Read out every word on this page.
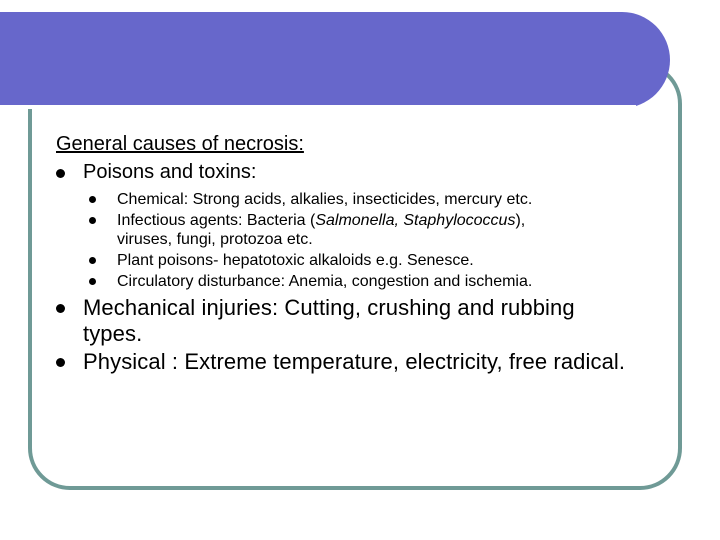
General causes of necrosis:
Poisons and toxins:
Chemical: Strong acids, alkalies, insecticides, mercury etc.
Infectious agents: Bacteria (Salmonella, Staphylococcus),
viruses, fungi, protozoa etc.
Plant poisons- hepatotoxic alkaloids e.g. Senesce.
Circulatory disturbance: Anemia, congestion and ischemia.
Mechanical injuries: Cutting, crushing and rubbing
types.
Physical : Extreme temperature, electricity, free radical.
